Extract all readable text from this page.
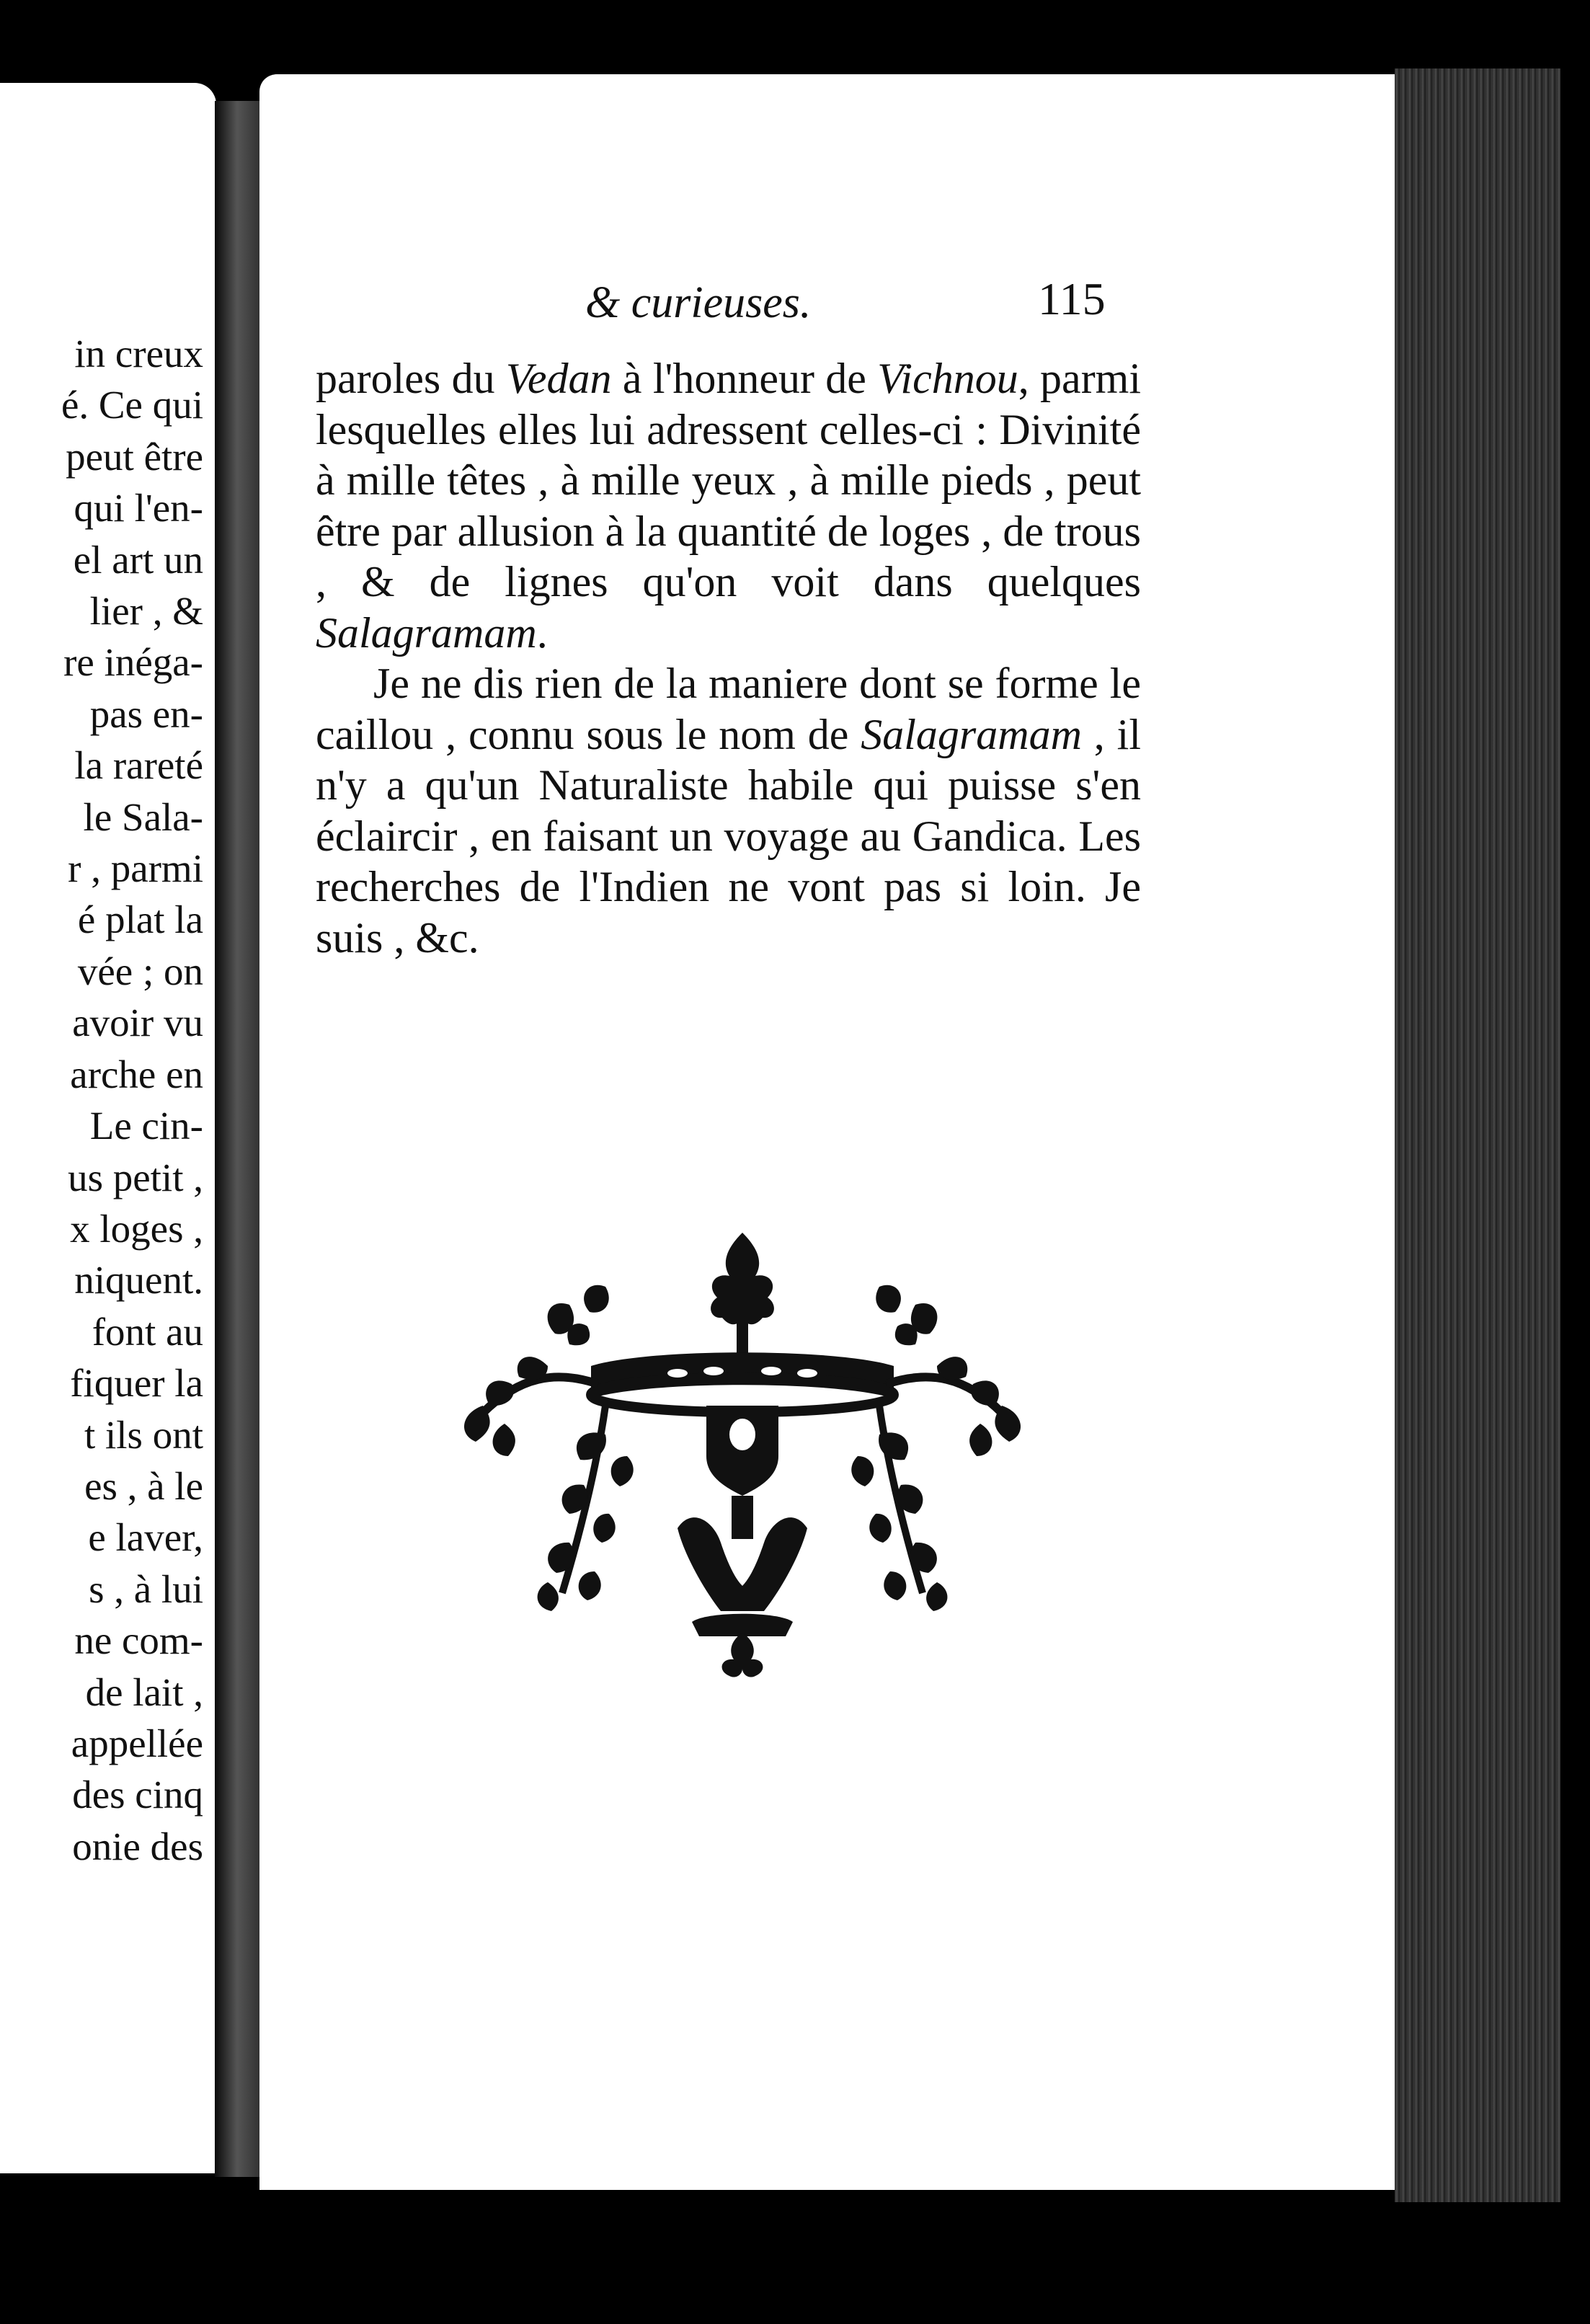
in creux
é. Ce qui
peut être
qui l'en-
el art un
lier , &
re inéga-
pas en-
la rareté
le Sala-
r , parmi
é plat la
vée ; on
avoir vu
arche en
Le cin-
us petit ,
x loges ,
niquent.
font au
fiquer la
t ils ont
es , à le
e laver,
s , à lui
ne com-
de lait ,
appellée
des cinq
onie des
& curieuses.	115

paroles du Vedan à l'honneur de Vichnou, parmi lesquelles elles lui adressent celles-ci : Divinité à mille têtes , à mille yeux , à mille pieds , peut être par allusion à la quantité de loges , de trous , & de lignes qu'on voit dans quelques Salagramam.

Je ne dis rien de la maniere dont se forme le caillou , connu sous le nom de Salagramam , il n'y a qu'un Naturaliste habile qui puisse s'en éclaircir , en faisant un voyage au Gandica. Les recherches de l'Indien ne vont pas si loin. Je suis , &c.
